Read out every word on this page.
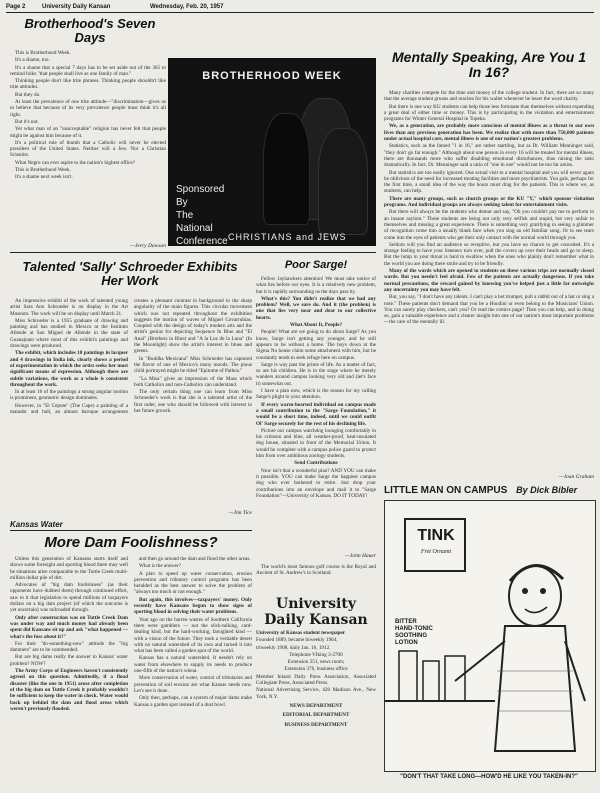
Page 2	University Daily Kansan	Wednesday, Feb. 20, 1957
Brotherhood's Seven Days

This is Brotherhood Week.

It's a shame, too.

It's a shame that a special 7 days has to be set aside out of the 365 to remind folks "that people shall live as one family of man."

Thinking people don't like trite phrases. Thinking people shouldn't like trite attitudes.

But they do.

At least the prevalence of one trite attitude—"discrimination—gives us to believe that because of its very prevalence people must think it's all right.

But it's not.

Yet what man of an "unacceptable" religion has never felt that people might be against him because of it.

It's a political rule of thumb that a Catholic will never be elected president of the United States. Neither will a Jew. Nor a Christian Scientist.

What Negro can ever aspire to the nation's highest office?

This is Brotherhood Week.

It's a shame next week isn't.

—Jerry Dawson
BROTHERHOOD WEEK
Sponsored
By
The
National
Conference CHRISTIANS and JEWS
Mentally Speaking, Are You 1 In 16?

Many charities compete for the time and money of the college student. In fact, there are so many that the average student groans and reaches for his wallet whenever he hears the word charity.

But there is one way KU students can help those less fortunate than themselves without expending a great deal of either time or money. This is by participating in the visitation and entertainment programs for Winter General Hospital in Topeka.

We, as a generation, are probably more conscious of mental illness as a threat to our own lives than any previous generation has been. We realize that with more than 750,000 patients under actual hospital care, mental illness is one of our nation's greatest problems.

Statistics, such as the famed "1 in 16," are rather startling, but as Dr. William Menninger said, "they don't go far enough." Although about one person in every 16 will be treated for mental illness, there are thousands more who suffer disabling emotional disturbances, thus raising the ratio dramatically. In fact, Dr. Menninger said a ratio of "one in one" would not be too far amiss.

But statistics are too easily ignored. One actual visit to a mental hospital and you will never again be oblivious of the need for increased treating facilities and more psychiatrists. You gals, perhaps for the first time, a small idea of the way the hours must drag for the patients. This is where we, as students, can help.

There are many groups, such as church groups or the KU "Y," which sponsor visitation programs. And individual groups are always seeking talent for entertainment visits.

But there will always be the students who demur and say, "Oh you couldn't pay me to perform in an insane asylum." These students are being not only very selfish and stupid, but very unfair to themselves and missing a great experience. There is something very gratifying in seeing a glimmer of recognition come into a usually blank face when you sing an old familiar song. Or to see tears come into the eyes of patients who get their only contact with the normal world through you.

Seldom will you find an audience so receptive, but you have no chance to get conceited. It's a strange feeling to have your listeners turn over, pull the covers up over their heads and go to sleep. But the lump in your throat is hard to swallow when the ones who plainly don't remember what in the world you are doing there smile and try to be friendly.

Many of the wards which are opened to students on these various trips are normally closed wards. But you needn't feel afraid. Few of the patients are actually dangerous. If you take normal precautions, the reward gained by knowing you've helped just a little far outweighs any uncertainty you may have felt.

But, you say, "I don't have any talents. I can't play a hot trumpet, pull a rabbit out of a hat or sing a note." These patients don't demand that you be a Houdini or even belong to the Musicians' Union. You can surely play checkers, can't you? Or read the comics page? Then you can help, and in doing so, gain a valuable experience and a clearer insight into one of our nation's most important problems—the care of the mentally ill.

—Joan Graham
Talented 'Sally' Schroeder Exhibits Her Work

An impressive exhibit of the work of talented young artist Sara Ann Schroeder is on display in the Art Museum. The work will be on display until March 21.

Miss Schroeder is a 1955 graduate of drawing and painting and has studied in Mexico at the Instituto Allende at San Miguel de Allende in the state of Guanajuato where most of this exhibit's paintings and drawings were produced.

The exhibit, which includes 18 paintings in lacquer and 4 drawings in India ink, clearly shows a period of experimentation in which the artist seeks her most significant means of expression. Although there are subtle variations, the work as a whole is consistent throughout the work.

In at least 16 of the paintings a strong angular motion is prominent, geometric design dominates.

However, in "El Cepote" (The Cape) a painting of a matador and bull, an almost baroque arrangement creates a pleasant contrast in background to the sharp angularity of the main figures. This circular movement which was not repeated throughout the exhibition suggests the motion of waves of Miguel Covarrubias. Coupled with the design of today's modern arts and the artist's genius for depicting Sequence In Blue and "El Anal" (Brothers in Blue) and "A la Luz de la Luna" (In the Moonlight) show the artist's interest in blues and greens.

In "Buddha Mexicana" Miss Schroeder has captured the flavor of one of Mexico's many moods. The pious child portrayed might be titled "Epitome of Pathos."

"La Misa" gives an impression of the Mass which both Catholics and non-Catholics can understand.

The only certain thing one can learn from Miss Schroeder's work is that she is a talented artist of the first order, one who should be followed with interest in her future growth.

—Jim Tice
Poor Sarge!

Fellow Jayhawkers attention! We must take notice of what lies before our eyes. It is a relatively new problem, but it is rapidly surrounding us the days pass by.

What's this? You didn't realize that we had any problem? Well, we sure do. And it (the problem) is one that lies very near and dear to our collective hearts.

What About It, People?

People! What are we going to do about Sarge? As you know, Sarge isn't getting any younger, and he still appears to be without a home. The boys down at the Sigma Nu house claim some attachment with him, but he constantly tends to seek refuge here on campus.

Sarge is way past the prime of life. As a matter of fact, so are his children. He is in the stage where he merely wanders around campus looking very old and (let's face it) somewhat out.

I have a plan now, which is the reason for my calling Sarge's plight to your attention.

If every warm-hearted individual on campus made a small contribution to the "Sarge Foundation," it would be a short time, indeed, until we could outfit Ol' Sarge securely for the rest of his declining life.

Picture our campus watchdog lounging comfortably in his crimson and blue, all weather-proof, heat-insulated dog house, situated in front of the Memorial Union. It would be complete with a campus police guard to protect him from over ambitious zoology students.

Send Contributions

Now isn't that a wonderful plan? AND YOU can make it possible. YOU can make Sarge the happiest campus dog who ever bothered to retire. Just drop your contributions into an envelope and mail it to "Sarge Foundation"—University of Kansas. DO IT TODAY!

—John Hauer

The world's most famous golf course is the Royal and Ancient of St. Andrew's in Scotland.

Kansas Water
More Dam Foolishness?

Unless this generation of Kansans starts itself and shows some foresight and sporting blood there may well be situations arise comparable to the Tuttle Creek multi-million dollar pile of dirt.

Advocates of "big dam foolishness" (as their opponents have dubbed them) through continued effort, saw to it that legislation to spend millions of taxpayers dollars on a big dam project (of which the outcome is yet uncertain) was railroaded through.

Only after construction was on Tuttle Creek Dam was under way and much money had already been spent did Kansans sit up and ask "what happened — what's the fuss about it?"

For their "do-something-now" attitude the "big dammers" are to be commended.

But are big dams really the answer to Kansas' water problem? NOW?

The Army Corps of Engineers haven't consistently agreed on this question. Admittedly, if a flood disaster (like the one in 1951) arose after completion of the big dam on Tuttle Creek it probably wouldn't be sufficient to keep the water in check. Water would back up behind the dam and flood areas which weren't previously flooded.

and then go around the dam and flood the other areas.

What is the answer?

A plan to speed up water conservation, erosion prevention and tributary control programs has been heralded as the best answer to solve the problem of "always too much or not enough."

But again, this involves—taxpayers' money. Only recently have Kansans begun to show signs of sporting blood in solving their water problems.

Year ago on the barren wastes of Southern California there were gamblers — not the slick-talking, card-dealing kind, but the hard-working, farsighted kind — with a vision of the future. They took a veritable desert with no natural watershed of its own and turned it into what has been called a garden spot of the world.

Kansas has a natural watershed. It needn't rely on water from elsewhere to supply its needs to produce one-fifth of the nation's wheat.

More conservation of water, control of tributaries and prevention of soil erosion are what Kansas needs now. Let's see it done.

Only then, perhaps, can a system of major dams make Kansas a garden spot instead of a dust bowl.

University Daily Kansan

University of Kansas student newspaper

Founded 1889, became biweekly 1904,

triweekly 1908, daily Jan. 16, 1912.

Telephone VIking 3-2700

Extension 251, news room;

Extension 376, business office

Member Inland Daily Press Association, Associated Collegiate Press, Associated Press.

National Advertising Service, 420 Madison Ave., New York, N.Y.

NEWS DEPARTMENT

EDITORIAL DEPARTMENT

BUSINESS DEPARTMENT

LITTLE MAN ON CAMPUS By Dick Bibler
TINK
Fret Ornamt
BITTER
HAND-TONIC
SOOTHING
LOTION
"DON'T THAT TAKE LONG—HOW'D HE LIKE YOU TAKEN-IN?"
